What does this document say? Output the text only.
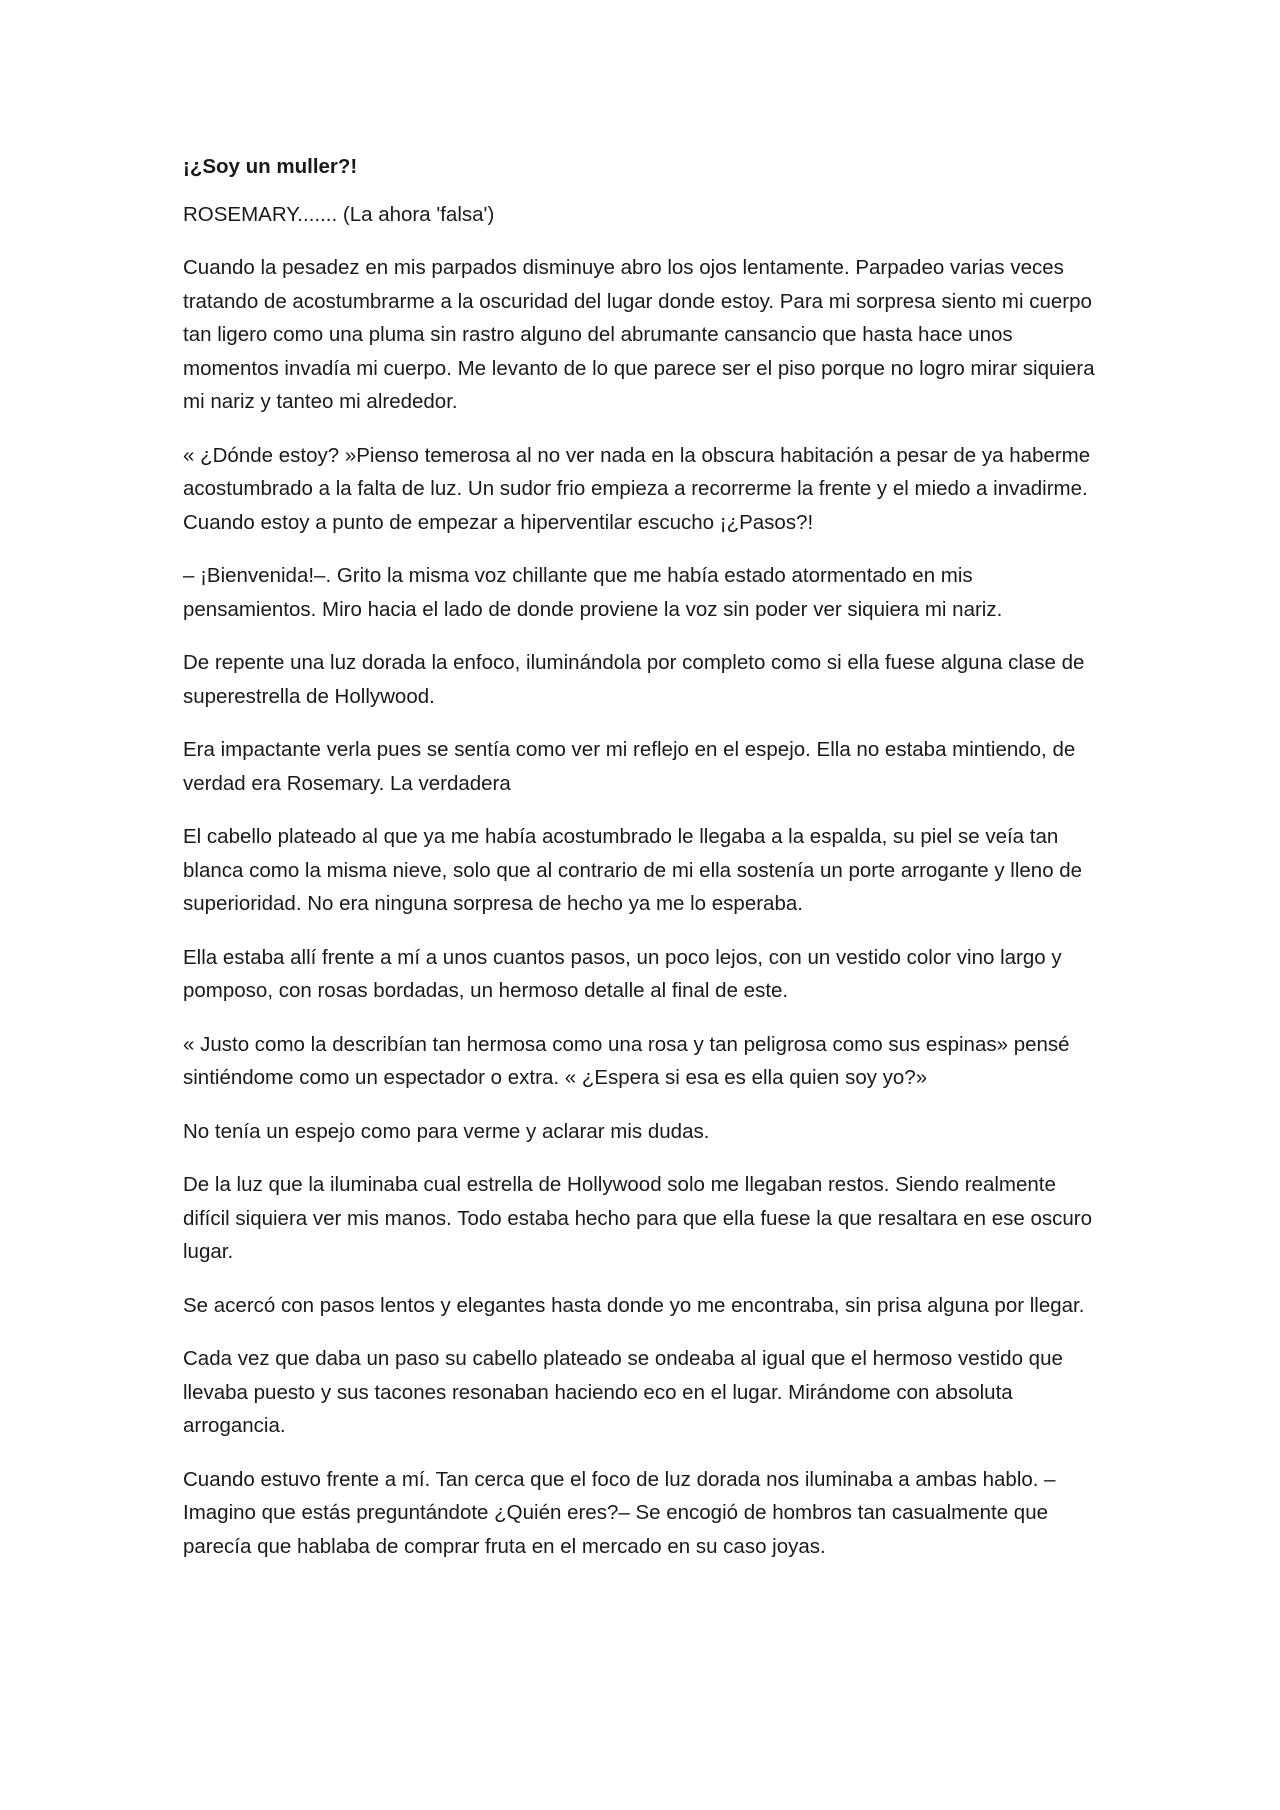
¡¿Soy un muller?!

ROSEMARY....... (La ahora 'falsa')

Cuando la pesadez en mis parpados disminuye abro los ojos lentamente. Parpadeo varias veces tratando de acostumbrarme a la oscuridad del lugar donde estoy. Para mi sorpresa siento mi cuerpo tan ligero como una pluma sin rastro alguno del abrumante cansancio que hasta hace unos momentos invadía mi cuerpo. Me levanto de lo que parece ser el piso porque no logro mirar siquiera mi nariz y tanteo mi alrededor.

« ¿Dónde estoy? »Pienso temerosa al no ver nada en la obscura habitación a pesar de ya haberme acostumbrado a la falta de luz. Un sudor frio empieza a recorrerme la frente y el miedo a invadirme. Cuando estoy a punto de empezar a hiperventilar escucho ¡¿Pasos?!

– ¡Bienvenida!–. Grito la misma voz chillante que me había estado atormentado en mis pensamientos. Miro hacia el lado de donde proviene la voz sin poder ver siquiera mi nariz.

De repente una luz dorada la enfoco, iluminándola por completo como si ella fuese alguna clase de superestrella de Hollywood.

Era impactante verla pues se sentía como ver mi reflejo en el espejo. Ella no estaba mintiendo, de verdad era Rosemary. La verdadera

El cabello plateado al que ya me había acostumbrado le llegaba a la espalda, su piel se veía tan blanca como la misma nieve, solo que al contrario de mi ella sostenía un porte arrogante y lleno de superioridad. No era ninguna sorpresa de hecho ya me lo esperaba.

Ella estaba allí frente a mí a unos cuantos pasos, un poco lejos, con un vestido color vino largo y pomposo, con rosas bordadas, un hermoso detalle al final de este.

« Justo como la describían tan hermosa como una rosa y tan peligrosa como sus espinas» pensé sintiéndome como un espectador o extra. « ¿Espera si esa es ella quien soy yo?»

No tenía un espejo como para verme y aclarar mis dudas.

De la luz que la iluminaba cual estrella de Hollywood solo me llegaban restos. Siendo realmente difícil siquiera ver mis manos. Todo estaba hecho para que ella fuese la que resaltara en ese oscuro lugar.

Se acercó con pasos lentos y elegantes hasta donde yo me encontraba, sin prisa alguna por llegar.

Cada vez que daba un paso su cabello plateado se ondeaba al igual que el hermoso vestido que llevaba puesto y sus tacones resonaban haciendo eco en el lugar. Mirándome con absoluta arrogancia.

Cuando estuvo frente a mí. Tan cerca que el foco de luz dorada nos iluminaba a ambas hablo. – Imagino que estás preguntándote ¿Quién eres?– Se encogió de hombros tan casualmente que parecía que hablaba de comprar fruta en el mercado en su caso joyas.
